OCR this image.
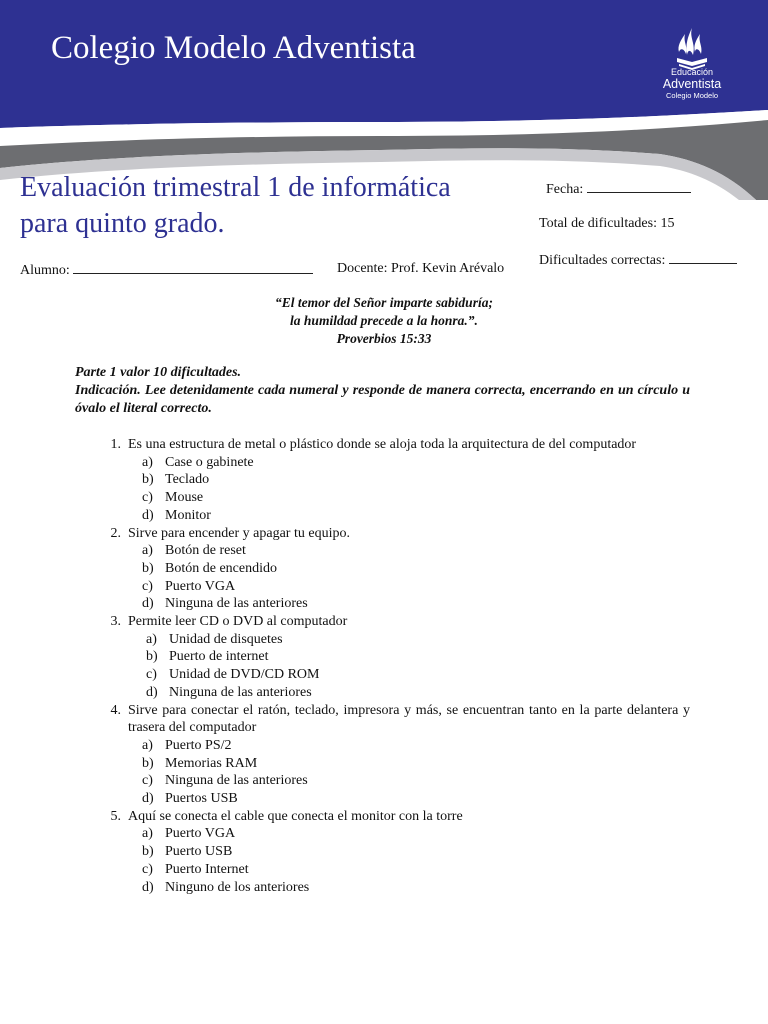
Colegio Modelo Adventista
Educación
Adventista
Colegio Modelo
Evaluación trimestral 1 de informática
para quinto grado.
Fecha:
Total de dificultades: 15
Dificultades correctas:
Alumno:	Docente: Prof. Kevin Arévalo
“El temor del Señor imparte sabiduría;
la humildad precede a la honra.”.
Proverbios 15:33
Parte 1 valor 10 dificultades.
Indicación. Lee detenidamente cada numeral y responde de manera correcta, encerrando en un círculo u óvalo el literal correcto.
1. Es una estructura de metal o plástico donde se aloja toda la arquitectura de del computador
a) Case o gabinete
b) Teclado
c) Mouse
d) Monitor
2. Sirve para encender y apagar tu equipo.
a) Botón de reset
b) Botón de encendido
c) Puerto VGA
d) Ninguna de las anteriores
3. Permite leer CD o DVD al computador
a) Unidad de disquetes
b) Puerto de internet
c) Unidad de DVD/CD ROM
d) Ninguna de las anteriores
4. Sirve para conectar el ratón, teclado, impresora y más, se encuentran tanto en la parte delantera y trasera del computador
a) Puerto PS/2
b) Memorias RAM
c) Ninguna de las anteriores
d) Puertos USB
5. Aquí se conecta el cable que conecta el monitor con la torre
a) Puerto VGA
b) Puerto USB
c) Puerto Internet
d) Ninguno de los anteriores
